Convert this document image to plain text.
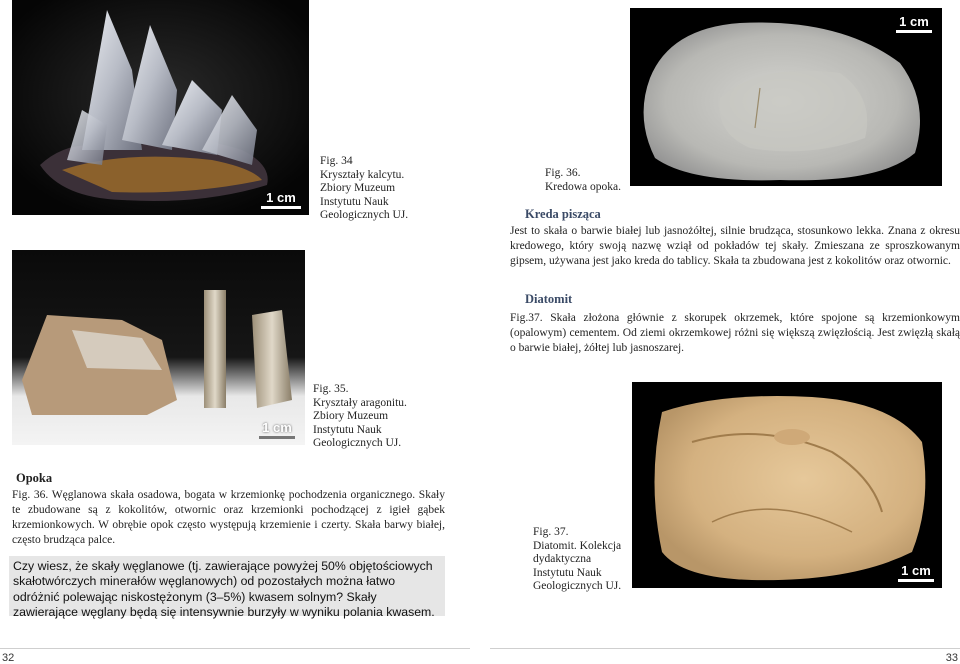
1 cm
Fig. 34
Kryształy kalcytu.
Zbiory Muzeum
Instytutu Nauk
Geologicznych UJ.
1 cm
Fig. 35.
Kryształy aragonitu.
Zbiory Muzeum
Instytutu Nauk
Geologicznych UJ.
1 cm
Fig. 36.
Kredowa opoka.
Kreda pisząca
Jest to skała o barwie białej lub jasnożółtej, silnie brudząca, stosunkowo lekka. Znana z okresu kredowego, który swoją nazwę wziął od pokładów tej skały. Zmieszana ze sproszkowanym gipsem, używana jest jako kreda do tablicy. Skała ta zbudowana jest z kokolitów oraz otwornic.
Diatomit
Fig.37. Skała złożona głównie z skorupek okrzemek, które spojone są krzemionkowym (opalowym) cementem. Od ziemi okrzemkowej różni się większą zwięzłością. Jest zwięzłą skałą o barwie białej, żółtej lub jasnoszarej.
1 cm
Fig. 37.
Diatomit. Kolekcja
dydaktyczna
Instytutu Nauk
Geologicznych UJ.
Opoka
Fig. 36. Węglanowa skała osadowa, bogata w krzemionkę pochodzenia organicznego. Skały te zbudowane są z kokolitów, otwornic oraz krzemionki pochodzącej z igieł gąbek krzemionkowych. W obrębie opok często występują krzemienie i czerty. Skała barwy białej, często brudząca palce.
Czy wiesz, że skały węglanowe (tj. zawierające powyżej 50% objętościowych skałotwórczych minerałów węglanowych) od pozostałych można łatwo odróżnić polewając niskostężonym (3–5%) kwasem solnym? Skały zawierające węglany będą się intensywnie burzyły w wyniku polania kwasem.
32	33
